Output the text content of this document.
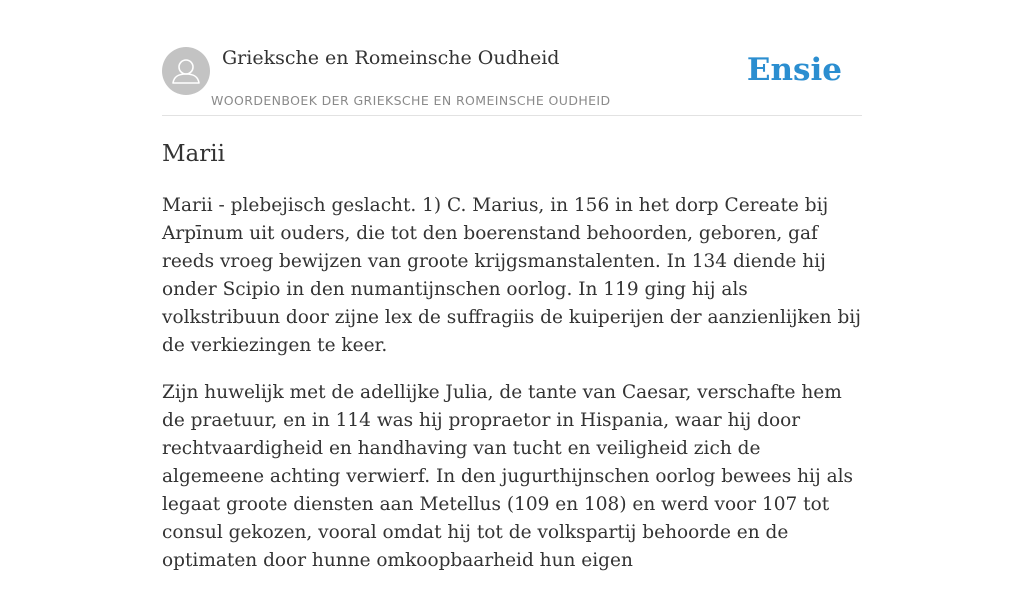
Grieksche en Romeinsche Oudheid
WOORDENBOEK DER GRIEKSCHE EN ROMEINSCHE OUDHEID
Ensie
Marii

Marii - plebejisch geslacht. 1) C. Marius, in 156 in het dorp Cereate bij Arpīnum uit ouders, die tot den boerenstand behoorden, geboren, gaf reeds vroeg bewijzen van groote krijgsmanstalenten. In 134 diende hij onder Scipio in den numantijnschen oorlog. In 119 ging hij als volkstribuun door zijne lex de suffragiis de kuiperijen der aanzienlijken bij de verkiezingen te keer.

Zijn huwelijk met de adellijke Julia, de tante van Caesar, verschafte hem de praetuur, en in 114 was hij propraetor in Hispania, waar hij door rechtvaardigheid en handhaving van tucht en veiligheid zich de algemeene achting verwierf. In den jugurthijnschen oorlog bewees hij als legaat groote diensten aan Metellus (109 en 108) en werd voor 107 tot consul gekozen, vooral omdat hij tot de volkspartij behoorde en de optimaten door hunne omkoopbaarheid hun eigen
